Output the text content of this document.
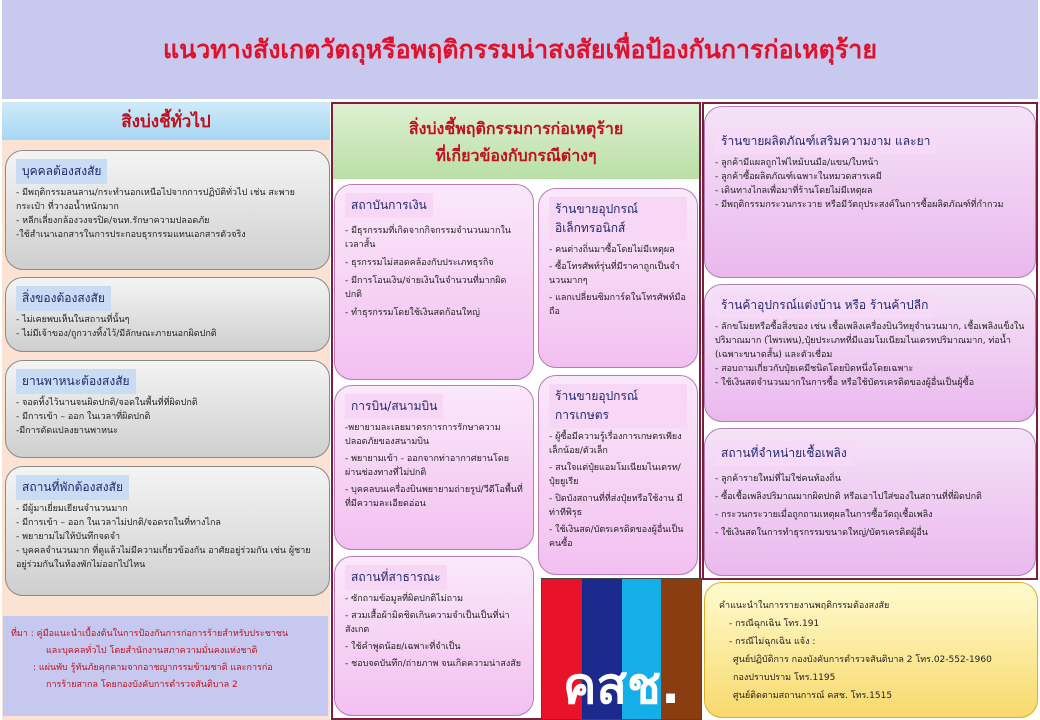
แนวทางสังเกตวัตถุหรือพฤติกรรมน่าสงสัยเพื่อป้องกันการก่อเหตุร้าย
สิ่งบ่งชี้ทั่วไป
บุคคลต้องสงสัย
- มีพฤติกรรมลนลาน/กระทำนอกเหนือไปจากการปฏิบัติทั่วไป เช่น สะพายกระเป๋า ที่วางอน้ำหนักมาก
- หลีกเลี่ยงกล้องวงจรปิด/จนท.รักษาความปลอดภัย
-ใช้สำเนาเอกสารในการประกอบธุรกรรมแทนเอกสารตัวจริง
สิ่งของต้องสงสัย
- ไม่เคยพบเห็นในสถานที่นั้นๆ
- ไม่มีเจ้าของ/ถูกวางทิ้งไว้/มีลักษณะภายนอกผิดปกติ
ยานพาหนะต้องสงสัย
- จอดทิ้งไว้นานจนผิดปกติ/จอดในพื้นที่ที่ผิดปกติ
- มีการเข้า – ออก ในเวลาที่ผิดปกติ
-มีการดัดแปลงยานพาหนะ
สถานที่พักต้องสงสัย
- มีผู้มาเยี่ยมเยียนจำนวนมาก
- มีการเข้า – ออก ในเวลาไม่ปกติ/จอดรถในที่ทางไกล
- พยายามไม่ให้บันทึกจดจำ
- บุคคลจำนวนมาก ที่ดูแล้วไม่มีความเกี่ยวข้องกัน อาศัยอยู่ร่วมกัน เช่น ผู้ชายอยู่ร่วมกันในห้องพักไม่ออกไปไหน
ที่มา : คู่มือแนะนำเบื้องต้นในการป้องกันการก่อการร้ายสำหรับประชาชน
และบุคคลทั่วไป โดยสำนักงานสภาความมั่นคงแห่งชาติ
: แผ่นพับ รู้ทันภัยคุกคามจากอาชญากรรมข้ามชาติ และการก่อ
การร้ายสากล โดยกองบังคับการตำรวจสันติบาล 2
สิ่งบ่งชี้พฤติกรรมการก่อเหตุร้าย
ที่เกี่ยวข้องกับกรณีต่างๆ
สถาบันการเงิน
- มีธุรกรรมที่เกิดจากกิจกรรมจำนวนมากในเวลาสั้น
- ธุรกรรมไม่สอดคล้องกับประเภทธุรกิจ
- มีการโอนเงิน/จ่ายเงินในจำนวนที่มากผิดปกติ
- ทำธุรกรรมโดยใช้เงินสดก้อนใหญ่
ร้านขายอุปกรณ์อิเล็กทรอนิกส์
- คนต่างถิ่นมาซื้อโดยไม่มีเหตุผล
- ซื้อโทรศัพท์รุ่นที่มีราคาถูกเป็นจำนวนมากๆ
- แลกเปลี่ยนซิมการ์ดในโทรศัพท์มือถือ
การบิน/สนามบิน
-พยายามละเลยมาตรการการรักษาความปลอดภัยของสนามบิน
- พยายามเข้า - ออกจากท่าอากาศยานโดยผ่านช่องทางที่ไม่ปกติ
- บุคคลบนเครื่องบินพยายามถ่ายรูป/วีดีโอพื้นที่ที่มีความละเอียดอ่อน
ร้านขายอุปกรณ์การเกษตร
- ผู้ซื้อมีความรู้เรื่องการเกษตรเพียงเล็กน้อย/ตัวเล็ก
- สนใจแต่ปุ๋ยแอมโมเนียมไนเตรท/ปุ๋ยยูเรีย
- ปิดบังสถานที่ที่ส่งปุ๋ยหรือใช้งาน มีท่าทีพิรุธ
- ใช้เงินสด/บัตรเครดิตของผู้อื่นเป็นคนซื้อ
สถานที่สาธารณะ
- ซักถามข้อมูลที่ผิดปกติไม่ถาม
- สวมเสื้อผ้ามิดชิดเกินความจำเป็นเป็นที่น่าสังเกต
- ใช้คำพูดน้อย/เฉพาะที่จำเป็น
- ชอบจดบันทึก/ถ่ายภาพ จนเกิดความน่าสงสัย คสช.
ร้านขายผลิตภัณฑ์เสริมความงาม และยา
- ลูกค้ามีแผลถูกไฟไหม้บนมือ/แขน/ใบหน้า
- ลูกค้าซื้อผลิตภัณฑ์เฉพาะในหมวดสารเคมี
- เดินทางไกลเพื่อมาที่ร้านโดยไม่มีเหตุผล
- มีพฤติกรรมกระวนกระวาย หรือมีวัตถุประสงค์ในการซื้อผลิตภัณฑ์ที่กำกวม
ร้านค้าอุปกรณ์แต่งบ้าน หรือ ร้านค้าปลีก
- ลักขโมยหรือซื้อสิ่งของ เช่น เชื้อเพลิงเครื่องบินวิทยุจำนวนมาก, เชื้อเพลิงแข็งในปริมาณมาก (ไพรเพน),ปุ๋ยประเภทที่มีแอมโมเนียมไนเตรทปริมาณมาก, ท่อน้ำ (เฉพาะขนาดสั้น) และตัวเชื่อม
- สอบถามเกี่ยวกับปุ๋ยเคมีชนิดโดยบิดหนึ่งโดยเฉพาะ
- ใช้เงินสดจำนวนมากในการซื้อ หรือใช้บัตรเครดิตของผู้อื่นเป็นผู้ซื้อ
สถานที่จำหน่ายเชื้อเพลิง
- ลูกค้ารายใหม่ที่ไม่ใช่คนท้องถิ่น
- ซื้อเชื้อเพลิงปริมาณมากผิดปกติ หรือเอาไปใส่ของในสถานที่ที่ผิดปกติ
- กระวนกระวายเมื่อถูกถามเหตุผลในการซื้อวัตถุเชื้อเพลิง
- ใช้เงินสดในการทำธุรกรรมขนาดใหญ่/บัตรเครดิตผู้อื่น
คำแนะนำในการรายงานพฤติกรรมต้องสงสัย
- กรณีฉุกเฉิน โทร.191
- กรณีไม่ฉุกเฉิน แจ้ง :
ศูนย์ปฏิบัติการ กองบังคับการตำรวจสันติบาล 2 โทร.02-552-1960
กองปราบปราม โทร.1195
ศูนย์ติดตามสถานการณ์ คสช. โทร.1515
